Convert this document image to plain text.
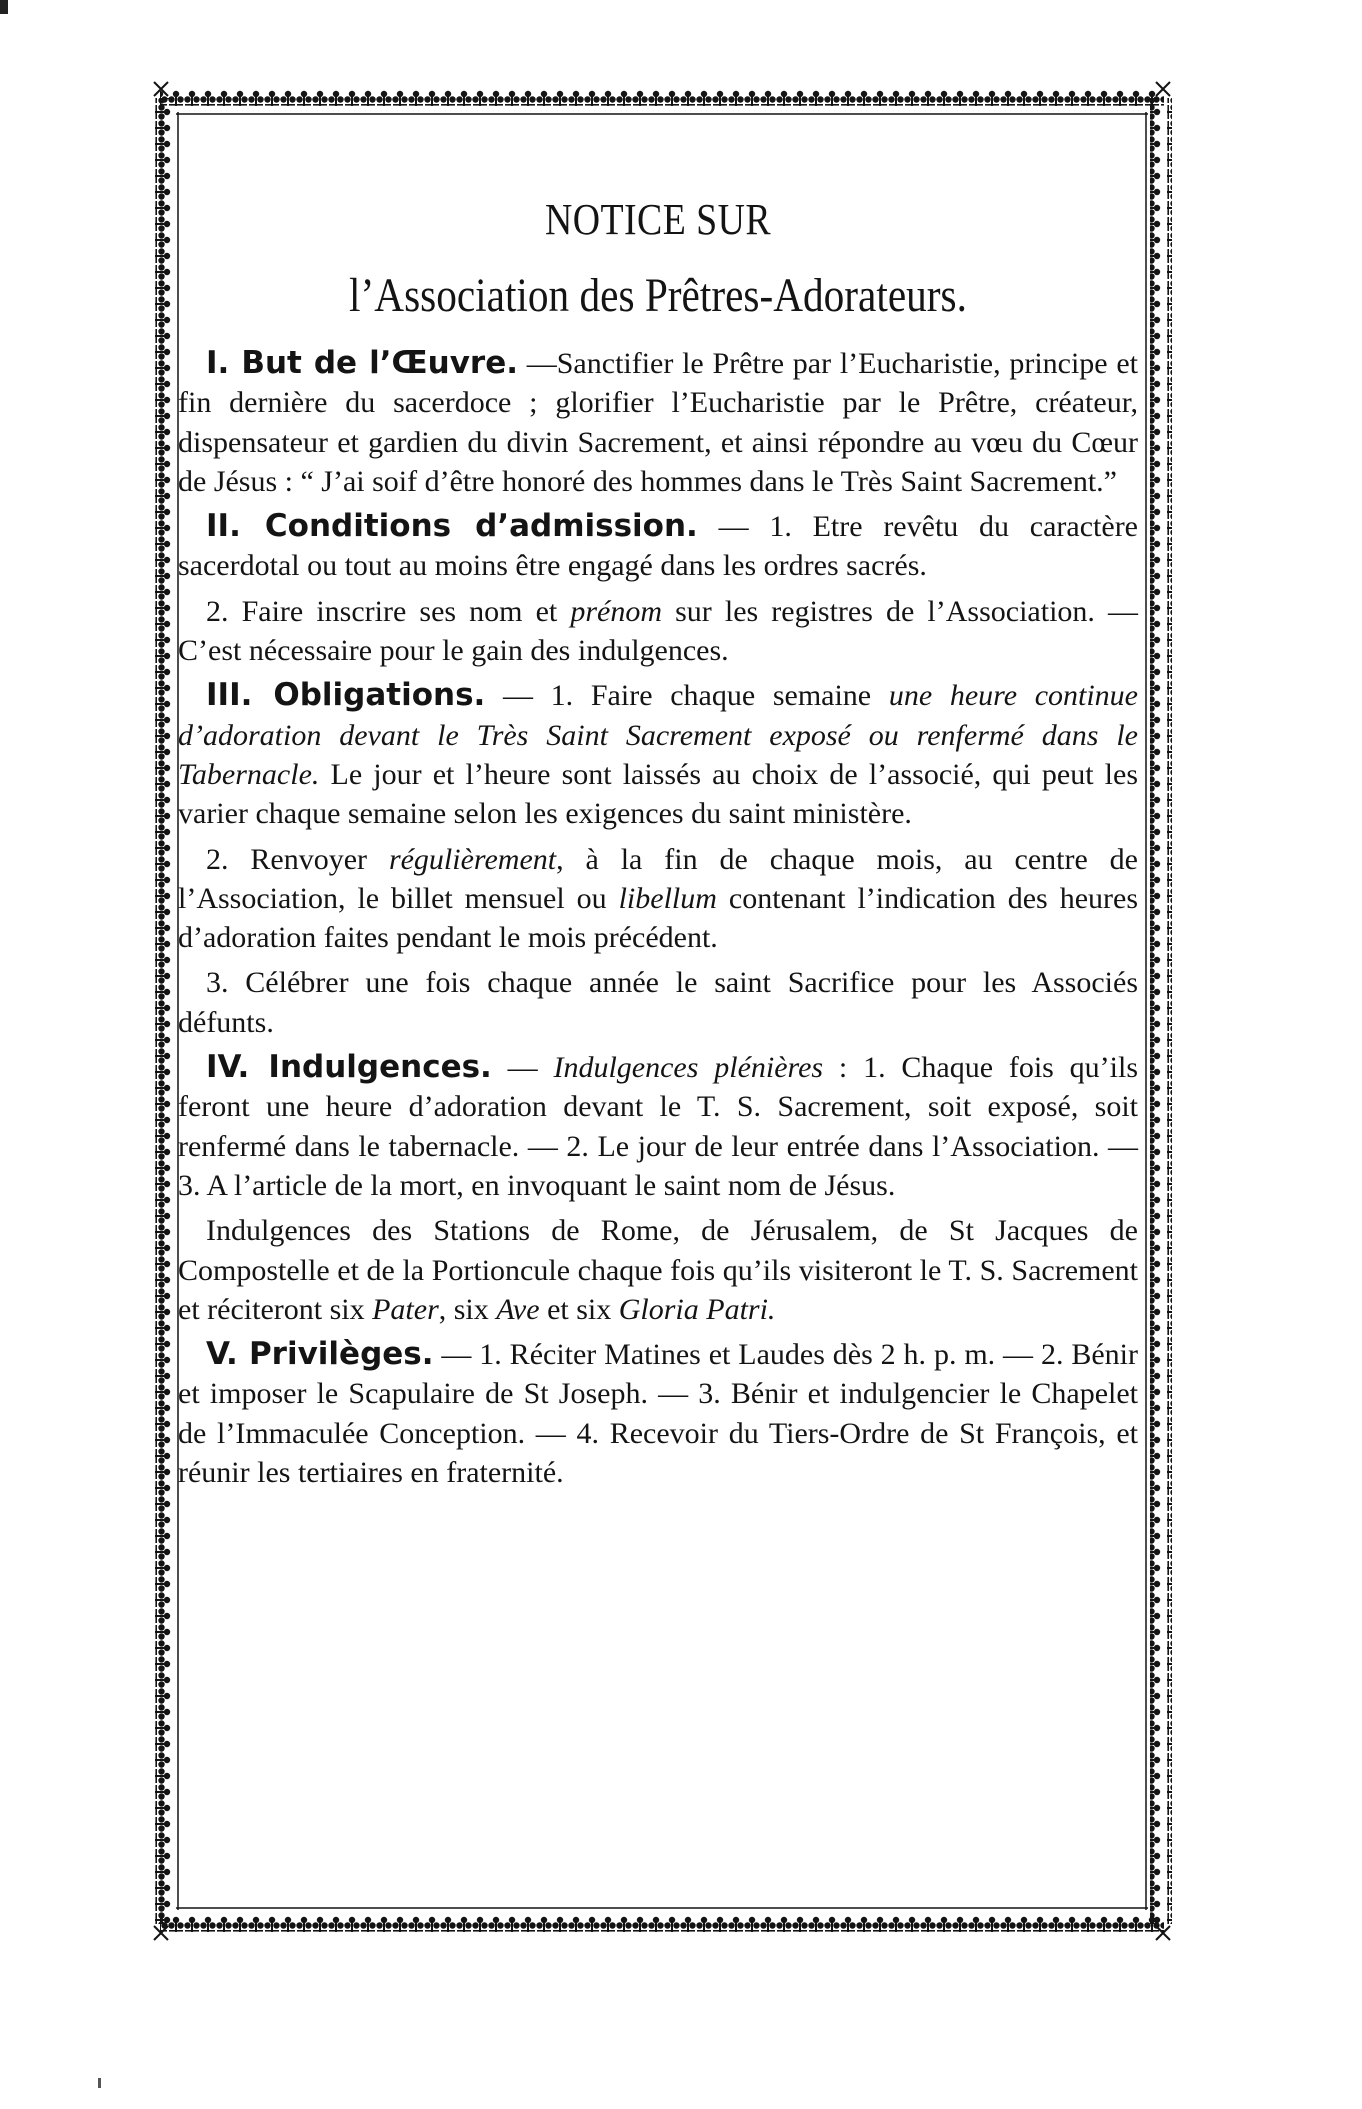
NOTICE SUR
l’Association des Prêtres-Adorateurs.

I. But de l’Œuvre. —Sanctifier le Prêtre par l’Eucharistie, principe et fin dernière du sacerdoce ; glorifier l’Eucharistie par le Prêtre, créateur, dispensateur et gardien du divin Sacrement, et ainsi répondre au vœu du Cœur de Jésus : “ J’ai soif d’être honoré des hommes dans le Très Saint Sacrement.”

II. Conditions d’admission. — 1. Etre revêtu du caractère sacerdotal ou tout au moins être engagé dans les ordres sacrés.

2. Faire inscrire ses nom et prénom sur les registres de l’Association. — C’est nécessaire pour le gain des indulgences.

III. Obligations. — 1. Faire chaque semaine une heure continue d’adoration devant le Très Saint Sacrement exposé ou renfermé dans le Tabernacle. Le jour et l’heure sont laissés au choix de l’associé, qui peut les varier chaque semaine selon les exigences du saint ministère.

2. Renvoyer régulièrement, à la fin de chaque mois, au centre de l’Association, le billet mensuel ou libellum contenant l’indication des heures d’adoration faites pendant le mois précédent.

3. Célébrer une fois chaque année le saint Sacrifice pour les Associés défunts.

IV. Indulgences. — Indulgences plénières : 1. Chaque fois qu’ils feront une heure d’adoration devant le T. S. Sacrement, soit exposé, soit renfermé dans le tabernacle. — 2. Le jour de leur entrée dans l’Association. — 3. A l’article de la mort, en invoquant le saint nom de Jésus.

Indulgences des Stations de Rome, de Jérusalem, de St Jacques de Compostelle et de la Portioncule chaque fois qu’ils visiteront le T. S. Sacrement et réciteront six Pater, six Ave et six Gloria Patri.

V. Privilèges. — 1. Réciter Matines et Laudes dès 2 h. p. m. — 2. Bénir et imposer le Scapulaire de St Joseph. — 3. Bénir et indulgencier le Chapelet de l’Immaculée Conception. — 4. Recevoir du Tiers-Ordre de St François, et réunir les tertiaires en fraternité.
